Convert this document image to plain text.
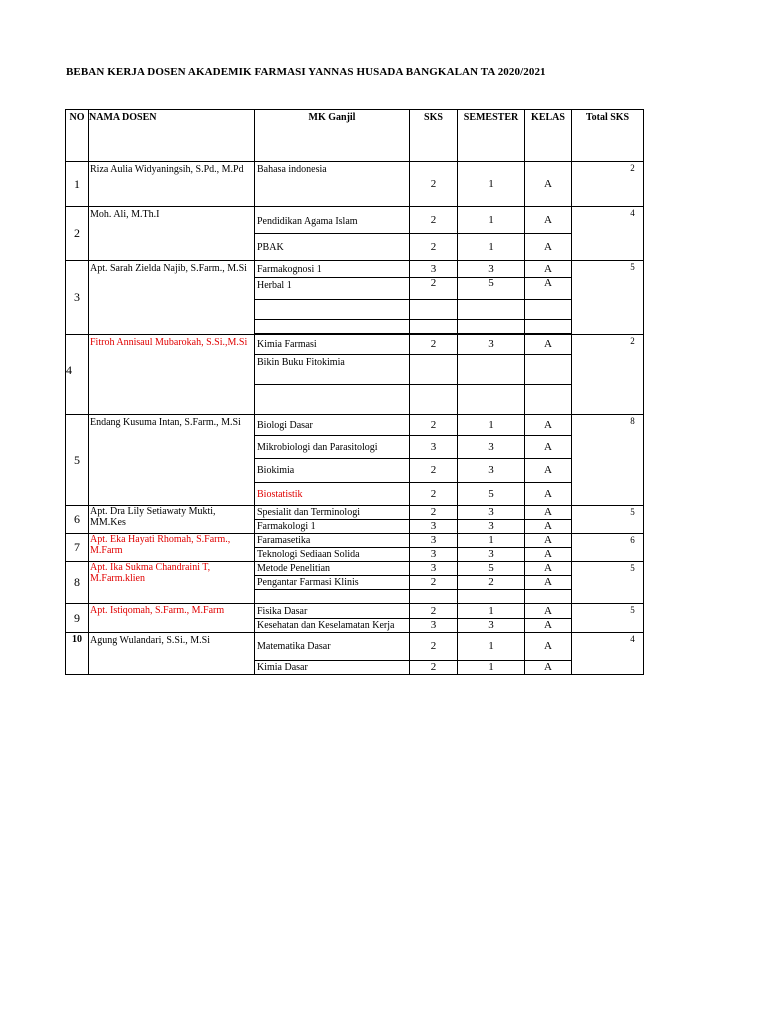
BEBAN KERJA DOSEN AKADEMIK FARMASI YANNAS HUSADA BANGKALAN TA 2020/2021
NO	NAMA DOSEN	MK Ganjil	SKS	SEMESTER	KELAS	Total SKS
1	Riza Aulia Widyaningsih, S.Pd., M.Pd	Bahasa indonesia	2	1	A	2
2	Moh. Ali, M.Th.I	Pendidikan Agama Islam	2	1	A	4
		PBAK	2	1	A	
3	Apt. Sarah Zielda Najib, S.Farm., M.Si	Farmakognosi 1	3	3	A	5
		Herbal 1	2	5	A	

4	Fitroh Annisaul Mubarokah, S.Si.,M.Si	Kimia Farmasi	2	3	A	2
		Bikin Buku Fitokimia				

5	Endang Kusuma Intan, S.Farm., M.Si	Biologi Dasar	2	1	A	8
		Mikrobiologi dan Parasitologi	3	3	A	
		Biokimia	2	3	A	
		Biostatistik	2	5	A	
6	Apt. Dra Lily Setiawaty Mukti, MM.Kes	Spesialit dan Terminologi	2	3	A	5
		Farmakologi 1	3	3	A	
7	Apt. Eka Hayati Rhomah, S.Farm., M.Farm	Faramasetika	3	1	A	6
		Teknologi Sediaan Solida	3	3	A	
8	Apt. Ika Sukma Chandraini T, M.Farm.klien	Metode Penelitian	3	5	A	5
		Pengantar Farmasi Klinis	2	2	A	

9	Apt. Istiqomah, S.Farm., M.Farm	Fisika Dasar	2	1	A	5
		Kesehatan dan Keselamatan Kerja	3	3	A	
10	Agung Wulandari, S.Si., M.Si	Matematika Dasar	2	1	A	4
		Kimia Dasar	2	1	A	
